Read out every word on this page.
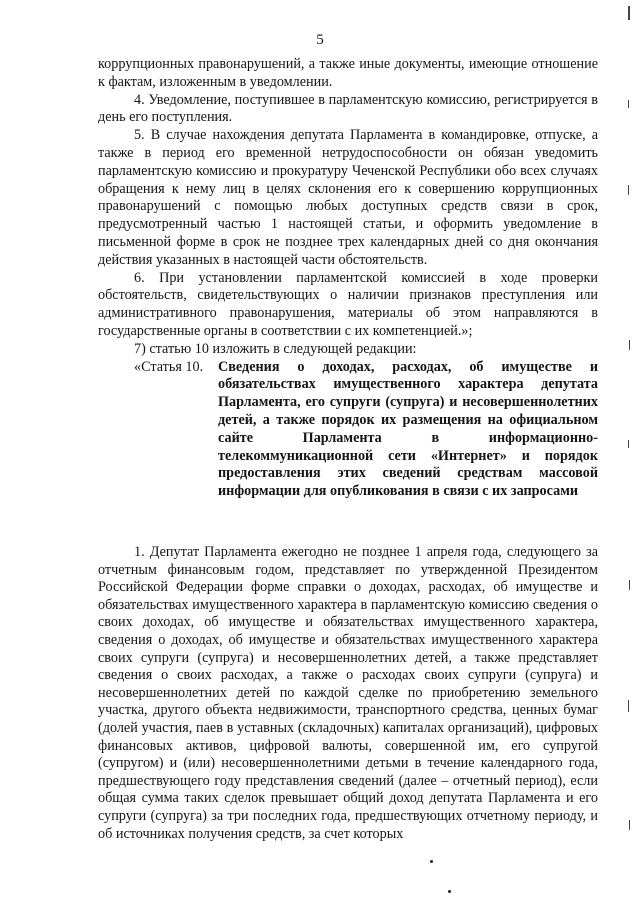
5

коррупционных правонарушений, а также иные документы, имеющие отношение к фактам, изложенным в уведомлении.

4. Уведомление, поступившее в парламентскую комиссию, регистрируется в день его поступления.

5. В случае нахождения депутата Парламента в командировке, отпуске, а также в период его временной нетрудоспособности он обязан уведомить парламентскую комиссию и прокуратуру Чеченской Республики обо всех случаях обращения к нему лиц в целях склонения его к совершению коррупционных правонарушений с помощью любых доступных средств связи в срок, предусмотренный частью 1 настоящей статьи, и оформить уведомление в письменной форме в срок не позднее трех календарных дней со дня окончания действия указанных в настоящей части обстоятельств.

6. При установлении парламентской комиссией в ходе проверки обстоятельств, свидетельствующих о наличии признаков преступления или административного правонарушения, материалы об этом направляются в государственные органы в соответствии с их компетенцией.»;

7) статью 10 изложить в следующей редакции:

«Статья 10.	Сведения о доходах, расходах, об имуществе и обязательствах имущественного характера депутата Парламента, его супруги (супруга) и несовершеннолетних детей, а также порядок их размещения на официальном сайте Парламента в информационно-телекоммуникационной сети «Интернет» и порядок предоставления этих сведений средствам массовой информации для опубликования в связи с их запросами

1. Депутат Парламента ежегодно не позднее 1 апреля года, следующего за отчетным финансовым годом, представляет по утвержденной Президентом Российской Федерации форме справки о доходах, расходах, об имуществе и обязательствах имущественного характера в парламентскую комиссию сведения о своих доходах, об имуществе и обязательствах имущественного характера, сведения о доходах, об имуществе и обязательствах имущественного характера своих супруги (супруга) и несовершеннолетних детей, а также представляет сведения о своих расходах, а также о расходах своих супруги (супруга) и несовершеннолетних детей по каждой сделке по приобретению земельного участка, другого объекта недвижимости, транспортного средства, ценных бумаг (долей участия, паев в уставных (складочных) капиталах организаций), цифровых финансовых активов, цифровой валюты, совершенной им, его супругой (супругом) и (или) несовершеннолетними детьми в течение календарного года, предшествующего году представления сведений (далее – отчетный период), если общая сумма таких сделок превышает общий доход депутата Парламента и его супруги (супруга) за три последних года, предшествующих отчетному периоду, и об источниках получения средств, за счет которых
